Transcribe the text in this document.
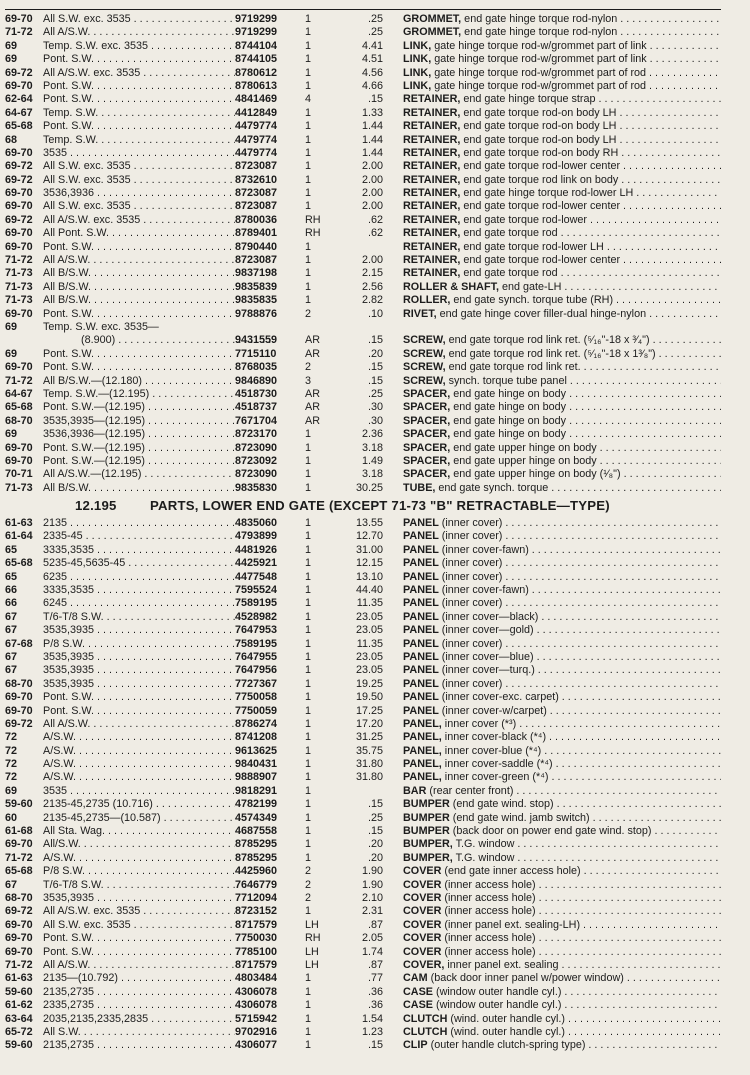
69-70 All S.W. exc. 3535 . . .	9719299	1	.25 GROMMET, end gate hinge torque rod-nylon . . .
71-72 All A/S.W. . . .	9719299	1	.25 GROMMET, end gate hinge torque rod-nylon . . .
69	Temp. S.W. exc. 3535 . . .	8744104	1	4.41 LINK, gate hinge torque rod-w/grommet part of link . . .
69	Pont. S.W. . . .	8744105	1	4.51 LINK, gate hinge torque rod-w/grommet part of link . . .
69-72 All A/S.W. exc. 3535 . . .	8780612	1	4.56 LINK, gate hinge torque rod-w/grommet part of rod . . .
69-70 Pont. S.W. . . .	8780613	1	4.66 LINK, gate hinge torque rod-w/grommet part of rod . . .
62-64 Pont. S.W. . . .	4841469	4	.15 RETAINER, end gate hinge torque strap . . .
64-67 Temp. S.W. . . .	4412849	1	1.33 RETAINER, end gate torque rod-on body LH . . .
65-68 Pont. S.W. . . .	4479774	1	1.44 RETAINER, end gate torque rod-on body LH . . .
68	Temp. S.W. . . .	4479774	1	1.44 RETAINER, end gate torque rod-on body LH . . .
69-70 3535 . . .	4479774	1	1.44 RETAINER, end gate torque rod-on body RH . . .
69-72 All S.W. exc. 3535 . . .	8723087	1	2.00 RETAINER, end gate torque rod-lower center . . .
69-72 All S.W. exc. 3535 . . .	8732610	1	2.00 RETAINER, end gate torque rod link on body . . .
69-70 3536,3936 . . .	8723087	1	2.00 RETAINER, end gate hinge torque rod-lower LH . . .
69-70 All S.W. exc. 3535 . . .	8723087	1	2.00 RETAINER, end gate torque rod-lower center . . .
69-72 All A/S.W. exc. 3535 . . .	8780036	RH	.62 RETAINER, end gate torque rod-lower . . .
69-70 All Pont. S.W. . . .	8789401	RH	.62 RETAINER, end gate torque rod . . .
69-70 Pont. S.W. . . .	8790440	1	RETAINER, end gate torque rod-lower LH . . .
71-72 All A/S.W. . . .	8723087	1	2.00 RETAINER, end gate torque rod-lower center . . .
71-73 All B/S.W. . . .	9837198	1	2.15 RETAINER, end gate torque rod . . .
71-73 All B/S.W. . . .	9835839	1	2.56 ROLLER & SHAFT, end gate-LH . . .
71-73 All B/S.W. . . .	9835835	1	2.82 ROLLER, end gate synch. torque tube (RH) . . .
69-70 Pont. S.W. . . .	9788876	2	.10 RIVET, end gate hinge cover filler-dual hinge-nylon . . .
69	Temp. S.W. exc. 3535—
(8.900) . . .	9431559	AR	.15 SCREW, end gate torque rod link ret. (⁵⁄₁₆"-18 x ³⁄₄") . . .
69	Pont. S.W. . . .	7715110	AR	.20 SCREW, end gate torque rod link ret. (⁵⁄₁₆"-18 x 1³⁄₈") . . .
69-70 Pont. S.W. . . .	8768035	2	.15 SCREW, end gate torque rod link ret. . . .
71-72 All B/S.W.—(12.180) . . .	9846890	3	.15 SCREW, synch. torque tube panel . . .
64-67 Temp. S.W.—(12.195) . . .	4518730	AR	.25 SPACER, end gate hinge on body . . .
65-68 Pont. S.W.—(12.195) . . .	4518737	AR	.30 SPACER, end gate hinge on body . . .
68-70 3535,3935—(12.195) . . .	7671704	AR	.30 SPACER, end gate hinge on body . . .
69	3536,3936—(12.195) . . .	8723170	1	2.36 SPACER, end gate hinge on body . . .
69-70 Pont. S.W.—(12.195) . . .	8723090	1	3.18 SPACER, end gate upper hinge on body . . .
69-70 Pont. S.W.—(12.195) . . .	8723092	1	1.49 SPACER, end gate upper hinge on body . . .
70-71 All A/S.W.—(12.195) . . .	8723090	1	3.18 SPACER, end gate upper hinge on body (¹⁄₈") . . .
71-73 All B/S.W. . . .	9835830	1	30.25 TUBE, end gate synch. torque . . .
12.195	PARTS, LOWER END GATE (EXCEPT 71-73 "B" RETRACTABLE—TYPE)
61-63 2135 . . .	4835060	1	13.55 PANEL (inner cover) . . .
61-64 2335-45 . . .	4793899	1	12.70 PANEL (inner cover) . . .
65	3335,3535 . . .	4481926	1	31.00 PANEL (inner cover-fawn) . . .
65-68 5235-45,5635-45 . . .	4425921	1	12.15 PANEL (inner cover) . . .
65	6235 . . .	4477548	1	13.10 PANEL (inner cover) . . .
66	3335,3535 . . .	7595524	1	44.40 PANEL (inner cover-fawn) . . .
66	6245 . . .	7589195	1	11.35 PANEL (inner cover) . . .
67	T/6-T/8 S.W. . . .	4528982	1	23.05 PANEL (inner cover—black) . . .
67	3535,3935 . . .	7647953	1	23.05 PANEL (inner cover—gold) . . .
67-68 P/8 S.W. . . .	7589195	1	11.35 PANEL (inner cover) . . .
67	3535,3935 . . .	7647955	1	23.05 PANEL (inner cover—blue) . . .
67	3535,3935 . . .	7647956	1	23.05 PANEL (inner cover—turq.) . . .
68-70 3535,3935 . . .	7727367	1	19.25 PANEL (inner cover) . . .
69-70 Pont. S.W. . . .	7750058	1	19.50 PANEL (inner cover-exc. carpet) . . .
69-70 Pont. S.W. . . .	7750059	1	17.25 PANEL (inner cover-w/carpet) . . .
69-72 All A/S.W. . . .	8786274	1	17.20 PANEL, inner cover (*³) . . .
72	A/S.W. . . .	8741208	1	31.25 PANEL, inner cover-black (*⁴) . . .
72	A/S.W. . . .	9613625	1	35.75 PANEL, inner cover-blue (*⁴) . . .
72	A/S.W. . . .	9840431	1	31.80 PANEL, inner cover-saddle (*⁴) . . .
72	A/S.W. . . .	9888907	1	31.80 PANEL, inner cover-green (*⁴) . . .
69	3535 . . .	9818291	1	BAR (rear center front) . . .
59-60 2135-45,2735 (10.716) . . .	4782199	1	.15 BUMPER (end gate wind. stop) . . .
60	2135-45,2735—(10.587) . . .	4574349	1	.25 BUMPER (end gate wind. jamb switch) . . .
61-68 All Sta. Wag. . . .	4687558	1	.15 BUMPER (back door on power end gate wind. stop) . . .
69-70 All/S.W. . . .	8785295	1	.20 BUMPER, T.G. window . . .
71-72 A/S.W. . . .	8785295	1	.20 BUMPER, T.G. window . . .
65-68 P/8 S.W. . . .	4425960	2	1.90 COVER (end gate inner access hole) . . .
67	T/6-T/8 S.W. . . .	7646779	2	1.90 COVER (inner access hole) . . .
68-70 3535,3935 . . .	7712094	2	2.10 COVER (inner access hole) . . .
69-72 All A/S.W. exc. 3535 . . .	8723152	1	2.31 COVER (inner access hole) . . .
69-70 All S.W. exc. 3535 . . .	8717579	LH	.87 COVER (inner panel ext. sealing-LH) . . .
69-70 Pont. S.W. . . .	7750030	RH	2.05 COVER (inner access hole) . . .
69-70 Pont. S.W. . . .	7785100	LH	1.74 COVER (inner access hole) . . .
71-72 All A/S.W. . . .	8717579	LH	.87 COVER, inner panel ext. sealing . . .
61-63 2135—(10.792) . . .	4803484	1	.77 CAM (back door inner panel w/power window) . . .
59-60 2135,2735 . . .	4306078	1	.36 CASE (window outer handle cyl.) . . .
61-62 2335,2735 . . .	4306078	1	.36 CASE (window outer handle cyl.) . . .
63-64 2035,2135,2335,2835 . . .	5715942	1	1.54 CLUTCH (wind. outer handle cyl.) . . .
65-72 All S.W. . . .	9702916	1	1.23 CLUTCH (wind. outer handle cyl.) . . .
59-60 2135,2735 . . .	4306077	1	.15 CLIP (outer handle clutch-spring type) . . .
